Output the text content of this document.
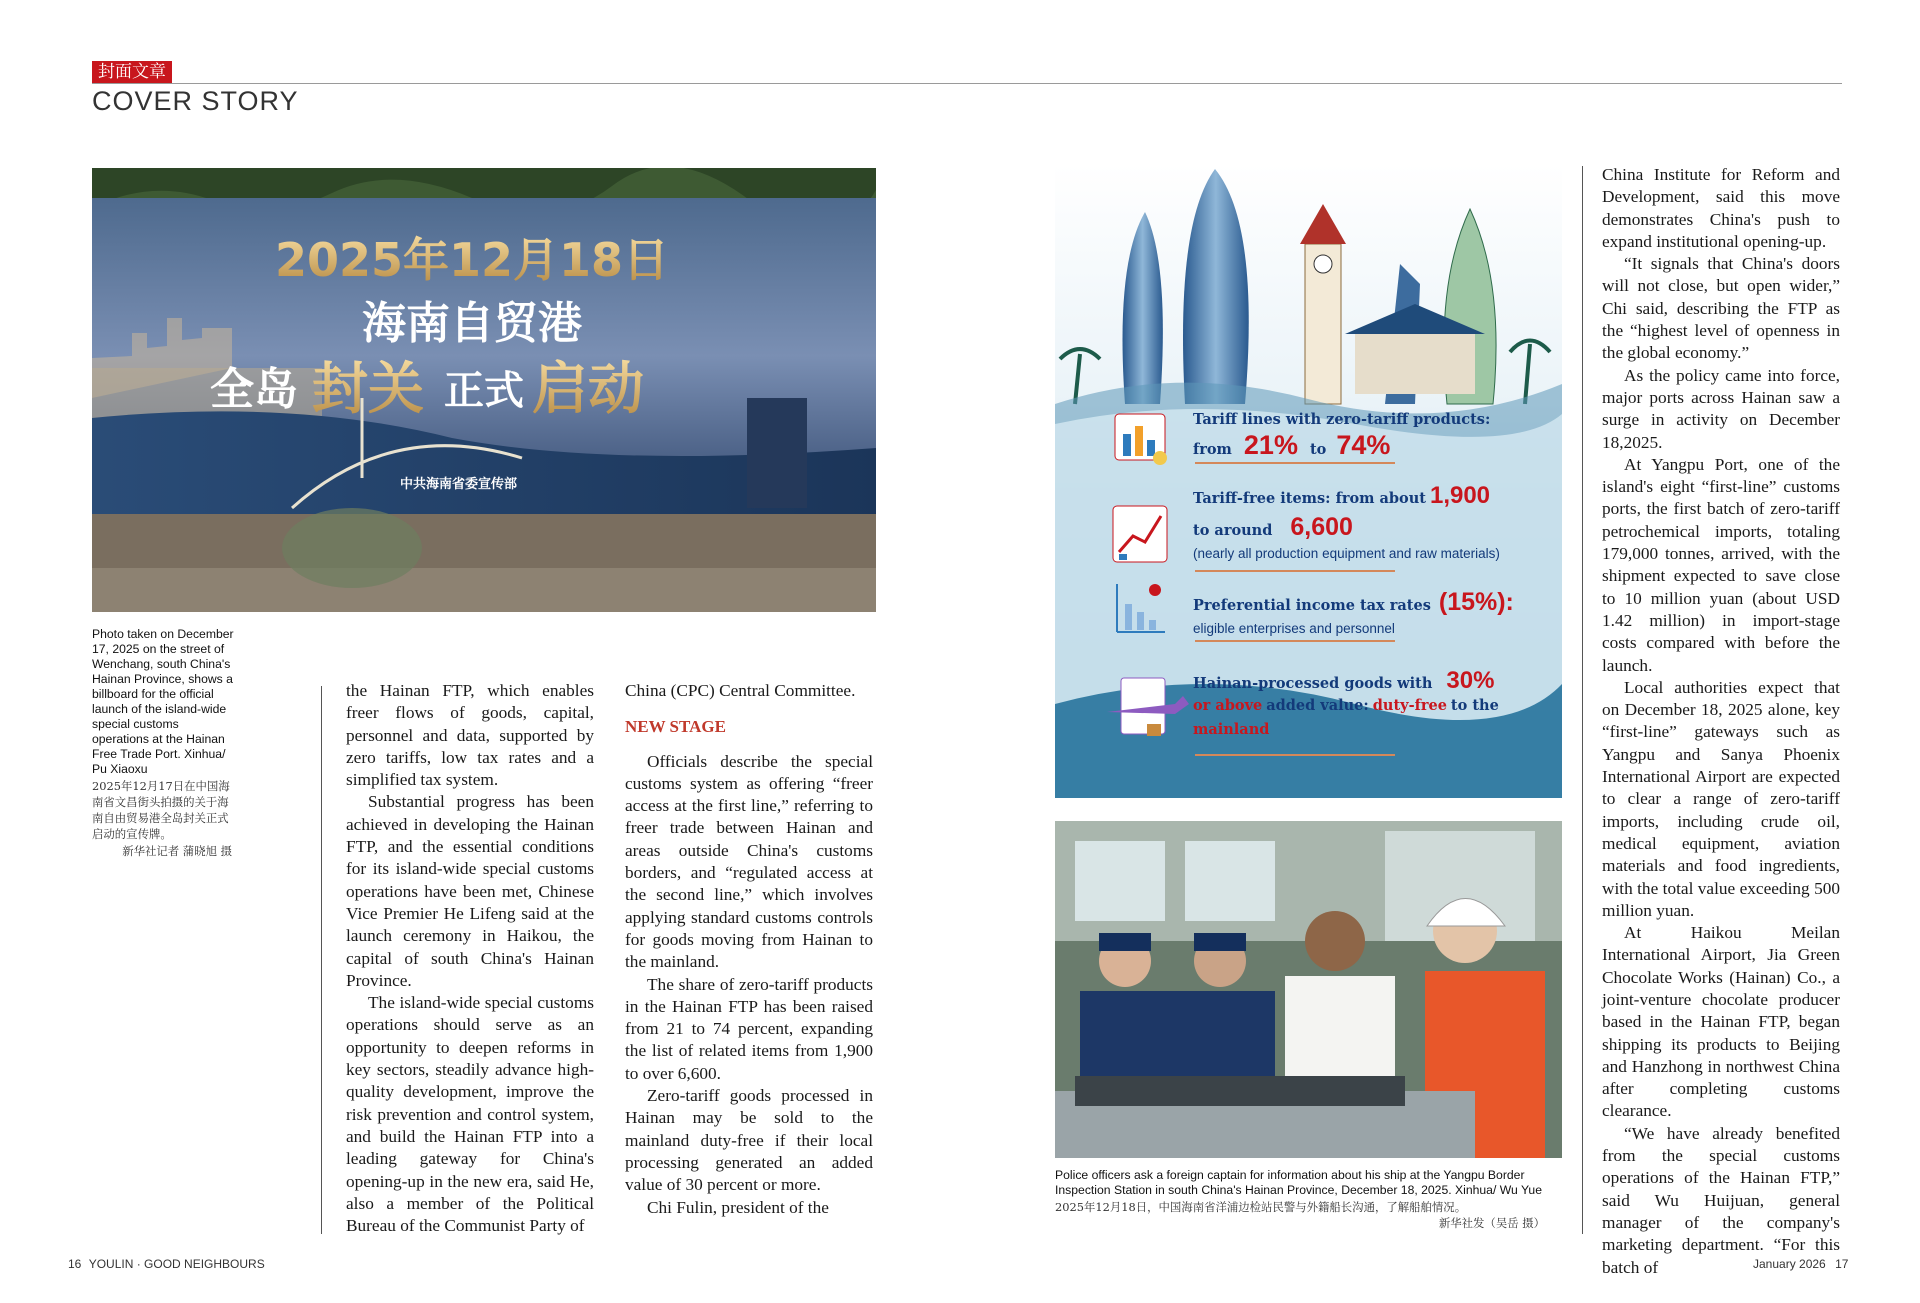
封面文章
COVER STORY
2025年12月18日
海南自贸港
全岛 封关 正式 启动
中共海南省委宣传部
Photo taken on December 17, 2025 on the street of Wenchang, south China's Hainan Province, shows a billboard for the official launch of the island-wide special customs operations at the Hainan Free Trade Port. Xinhua/ Pu Xiaoxu
2025年12月17日在中国海南省文昌街头拍摄的关于海南自由贸易港全岛封关正式启动的宣传牌。
新华社记者 蒲晓旭 摄

the Hainan FTP, which enables freer flows of goods, capital, personnel and data, supported by zero tariffs, low tax rates and a simplified tax system.

Substantial progress has been achieved in developing the Hainan FTP, and the essential conditions for its island-wide special customs operations have been met, Chinese Vice Premier He Lifeng said at the launch ceremony in Haikou, the capital of south China's Hainan Province.

The island-wide special customs operations should serve as an opportunity to deepen reforms in key sectors, steadily advance high-quality development, improve the risk prevention and control system, and build the Hainan FTP into a leading gateway for China's opening-up in the new era, said He, also a member of the Political Bureau of the Communist Party of

China (CPC) Central Committee.

NEW STAGE

Officials describe the special customs system as offering “freer access at the first line,” referring to freer trade between Hainan and areas outside China's customs borders, and “regulated access at the second line,” which involves applying standard customs controls for goods moving from Hainan to the mainland.

The share of zero-tariff products in the Hainan FTP has been raised from 21 to 74 percent, expanding the list of related items from 1,900 to over 6,600.

Zero-tariff goods processed in Hainan may be sold to the mainland duty-free if their local processing generated an added value of 30 percent or more.

Chi Fulin, president of the

Tariff lines with zero-tariff products:
from 21% to 74%
Tariff-free items: from about 1,900
to around 6,600
(nearly all production equipment and raw materials)
Preferential income tax rates (15%):
eligible enterprises and personnel
Hainan-processed goods with 30%
or above added value: duty-free to the
mainland
Police officers ask a foreign captain for information about his ship at the Yangpu Border Inspection Station in south China's Hainan Province, December 18, 2025. Xinhua/ Wu Yue
2025年12月18日，中国海南省洋浦边检站民警与外籍船长沟通，了解船舶情况。
新华社发（吴岳 摄）

China Institute for Reform and Development, said this move demonstrates China's push to expand institutional opening-up.

“It signals that China's doors will not close, but open wider,” Chi said, describing the FTP as the “highest level of openness in the global economy.”

As the policy came into force, major ports across Hainan saw a surge in activity on December 18,2025.

At Yangpu Port, one of the island's eight “first-line” customs ports, the first batch of zero-tariff petrochemical imports, totaling 179,000 tonnes, arrived, with the shipment expected to save close to 10 million yuan (about USD 1.42 million) in import-stage costs compared with before the launch.

Local authorities expect that on December 18, 2025 alone, key “first-line” gateways such as Yangpu and Sanya Phoenix International Airport are expected to clear a range of zero-tariff imports, including crude oil, medical equipment, aviation materials and food ingredients, with the total value exceeding 500 million yuan.

At Haikou Meilan International Airport, Jia Green Chocolate Works (Hainan) Co., a joint-venture chocolate producer based in the Hainan FTP, began shipping its products to Beijing and Hanzhong in northwest China after completing customs clearance.

“We have already benefited from the special customs operations of the Hainan FTP,” said Wu Huijuan, general manager of the company's marketing department. “For this batch of

16 YOULIN · GOOD NEIGHBOURS	January 2026 17
